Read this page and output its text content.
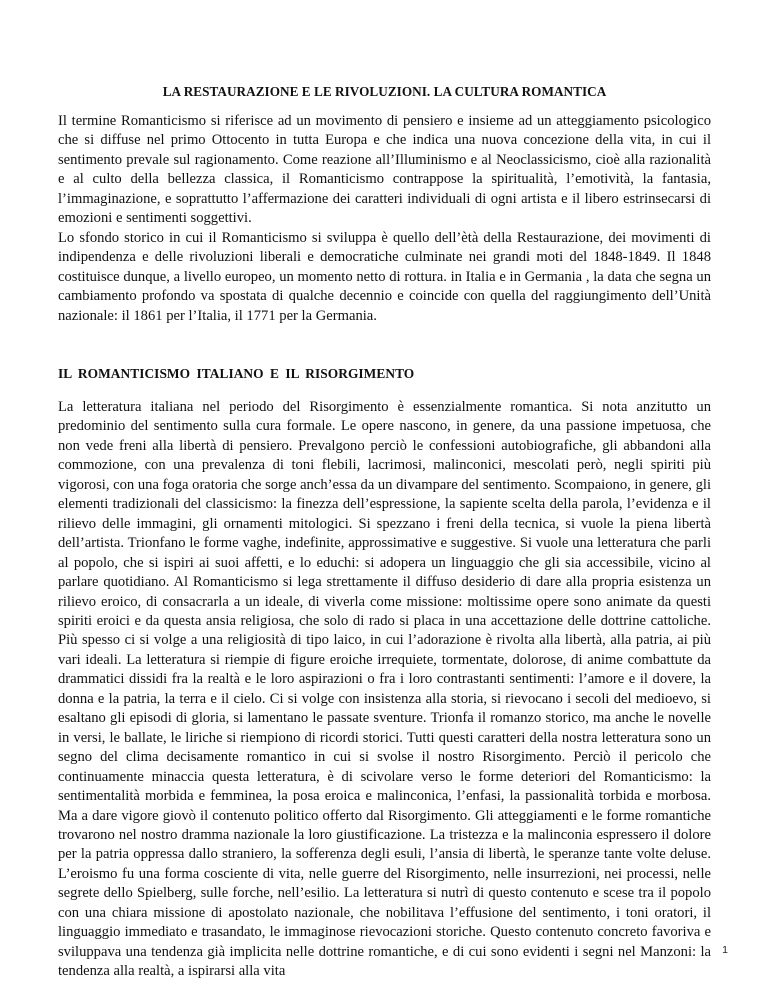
LA RESTAURAZIONE E LE RIVOLUZIONI. LA CULTURA ROMANTICA

Il termine Romanticismo si riferisce ad un movimento di pensiero e insieme ad un atteggiamento psicologico che si diffuse nel primo Ottocento in tutta Europa e che indica una nuova concezione della vita, in cui il sentimento prevale sul ragionamento. Come reazione all’Illuminismo e al Neoclassicismo, cioè alla razionalità e al culto della bellezza classica, il Romanticismo contrappose la spiritualità, l’emotività, la fantasia, l’immaginazione, e soprattutto l’affermazione dei caratteri individuali di ogni artista e il libero estrinsecarsi di emozioni e sentimenti soggettivi.

Lo sfondo storico in cui il Romanticismo si sviluppa è quello dell’ètà della Restaurazione, dei movimenti di indipendenza e delle rivoluzioni liberali e democratiche culminate nei grandi moti del 1848-1849. Il 1848 costituisce dunque, a livello europeo, un momento netto di rottura. in Italia e in Germania , la data che segna un cambiamento profondo va spostata di qualche decennio e coincide con quella del raggiungimento dell’Unità nazionale: il 1861 per l’Italia, il 1771 per la Germania.

IL ROMANTICISMO ITALIANO E IL RISORGIMENTO

La letteratura italiana nel periodo del Risorgimento è essenzialmente romantica. Si nota anzitutto un predominio del sentimento sulla cura formale. Le opere nascono, in genere, da una passione impetuosa, che non vede freni alla libertà di pensiero. Prevalgono perciò le confessioni autobiografiche, gli abbandoni alla commozione, con una prevalenza di toni flebili, lacrimosi, malinconici, mescolati però, negli spiriti più vigorosi, con una foga oratoria che sorge anch’essa da un divampare del sentimento. Scompaiono, in genere, gli elementi tradizionali del classicismo: la finezza dell’espressione, la sapiente scelta della parola, l’evidenza e il rilievo delle immagini, gli ornamenti mitologici. Si spezzano i freni della tecnica, si vuole la piena libertà dell’artista. Trionfano le forme vaghe, indefinite, approssimative e suggestive. Si vuole una letteratura che parli al popolo, che si ispiri ai suoi affetti, e lo educhi: si adopera un linguaggio che gli sia accessibile, vicino al parlare quotidiano. Al Romanticismo si lega strettamente il diffuso desiderio di dare alla propria esistenza un rilievo eroico, di consacrarla a un ideale, di viverla come missione: moltissime opere sono animate da questi spiriti eroici e da questa ansia religiosa, che solo di rado si placa in una accettazione delle dottrine cattoliche. Più spesso ci si volge a una religiosità di tipo laico, in cui l’adorazione è rivolta alla libertà, alla patria, ai più vari ideali. La letteratura si riempie di figure eroiche irrequiete, tormentate, dolorose, di anime combattute da drammatici dissidi fra la realtà e le loro aspirazioni o fra i loro contrastanti sentimenti: l’amore e il dovere, la donna e la patria, la terra e il cielo. Ci si volge con insistenza alla storia, si rievocano i secoli del medioevo, si esaltano gli episodi di gloria, si lamentano le passate sventure. Trionfa il romanzo storico, ma anche le novelle in versi, le ballate, le liriche si riempiono di ricordi storici. Tutti questi caratteri della nostra letteratura sono un segno del clima decisamente romantico in cui si svolse il nostro Risorgimento. Perciò il pericolo che continuamente minaccia questa letteratura, è di scivolare verso le forme deteriori del Romanticismo: la sentimentalità morbida e femminea, la posa eroica e malinconica, l’enfasi, la passionalità torbida e morbosa. Ma a dare vigore giovò il contenuto politico offerto dal Risorgimento. Gli atteggiamenti e le forme romantiche trovarono nel nostro dramma nazionale la loro giustificazione. La tristezza e la malinconia espressero il dolore per la patria oppressa dallo straniero, la sofferenza degli esuli, l’ansia di libertà, le speranze tante volte deluse. L’eroismo fu una forma cosciente di vita, nelle guerre del Risorgimento, nelle insurrezioni, nei processi, nelle segrete dello Spielberg, sulle forche, nell’esilio. La letteratura si nutrì di questo contenuto e scese tra il popolo con una chiara missione di apostolato nazionale, che nobilitava l’effusione del sentimento, i toni oratori, il linguaggio immediato e trasandato, le immaginose rievocazioni storiche. Questo contenuto concreto favoriva e sviluppava una tendenza già implicita nelle dottrine romantiche, e di cui sono evidenti i segni nel Manzoni: la tendenza alla realtà, a ispirarsi alla vita

1
